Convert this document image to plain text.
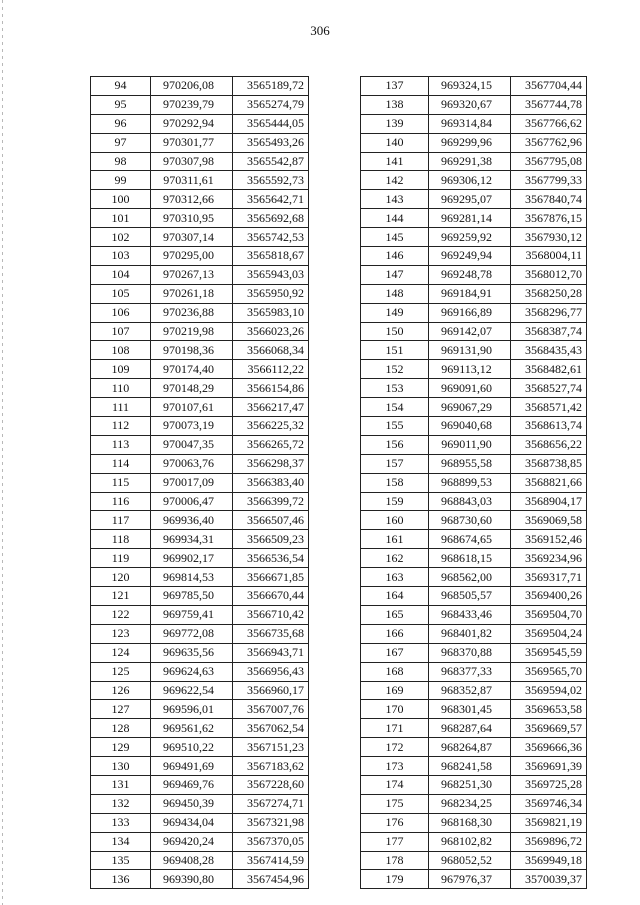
306
94	970206,08	3565189,72
95	970239,79	3565274,79
96	970292,94	3565444,05
97	970301,77	3565493,26
98	970307,98	3565542,87
99	970311,61	3565592,73
100	970312,66	3565642,71
101	970310,95	3565692,68
102	970307,14	3565742,53
103	970295,00	3565818,67
104	970267,13	3565943,03
105	970261,18	3565950,92
106	970236,88	3565983,10
107	970219,98	3566023,26
108	970198,36	3566068,34
109	970174,40	3566112,22
110	970148,29	3566154,86
111	970107,61	3566217,47
112	970073,19	3566225,32
113	970047,35	3566265,72
114	970063,76	3566298,37
115	970017,09	3566383,40
116	970006,47	3566399,72
117	969936,40	3566507,46
118	969934,31	3566509,23
119	969902,17	3566536,54
120	969814,53	3566671,85
121	969785,50	3566670,44
122	969759,41	3566710,42
123	969772,08	3566735,68
124	969635,56	3566943,71
125	969624,63	3566956,43
126	969622,54	3566960,17
127	969596,01	3567007,76
128	969561,62	3567062,54
129	969510,22	3567151,23
130	969491,69	3567183,62
131	969469,76	3567228,60
132	969450,39	3567274,71
133	969434,04	3567321,98
134	969420,24	3567370,05
135	969408,28	3567414,59
136	969390,80	3567454,96
137	969324,15	3567704,44
138	969320,67	3567744,78
139	969314,84	3567766,62
140	969299,96	3567762,96
141	969291,38	3567795,08
142	969306,12	3567799,33
143	969295,07	3567840,74
144	969281,14	3567876,15
145	969259,92	3567930,12
146	969249,94	3568004,11
147	969248,78	3568012,70
148	969184,91	3568250,28
149	969166,89	3568296,77
150	969142,07	3568387,74
151	969131,90	3568435,43
152	969113,12	3568482,61
153	969091,60	3568527,74
154	969067,29	3568571,42
155	969040,68	3568613,74
156	969011,90	3568656,22
157	968955,58	3568738,85
158	968899,53	3568821,66
159	968843,03	3568904,17
160	968730,60	3569069,58
161	968674,65	3569152,46
162	968618,15	3569234,96
163	968562,00	3569317,71
164	968505,57	3569400,26
165	968433,46	3569504,70
166	968401,82	3569504,24
167	968370,88	3569545,59
168	968377,33	3569565,70
169	968352,87	3569594,02
170	968301,45	3569653,58
171	968287,64	3569669,57
172	968264,87	3569666,36
173	968241,58	3569691,39
174	968251,30	3569725,28
175	968234,25	3569746,34
176	968168,30	3569821,19
177	968102,82	3569896,72
178	968052,52	3569949,18
179	967976,37	3570039,37
